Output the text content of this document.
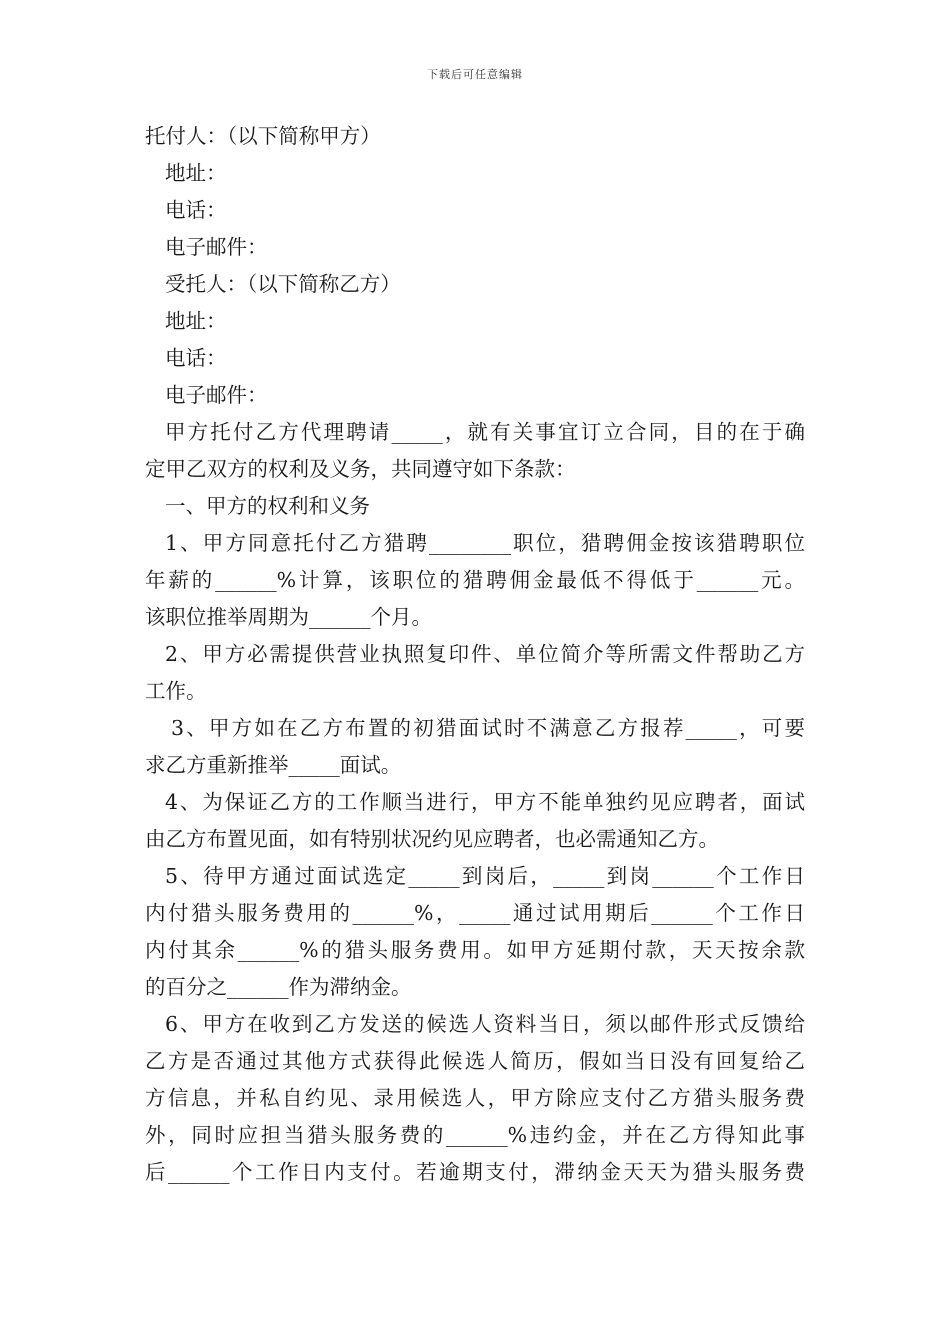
下载后可任意编辑
托付人：（以下简称甲方）
地址：
电话：
电子邮件：
受托人：（以下简称乙方）
地址：
电话：
电子邮件：
甲方托付乙方代理聘请_____，就有关事宜订立合同，目的在于确
定甲乙双方的权利及义务，共同遵守如下条款：
一、甲方的权利和义务
1、甲方同意托付乙方猎聘________职位，猎聘佣金按该猎聘职位
年薪的______%计算，该职位的猎聘佣金最低不得低于______元。
该职位推举周期为______个月。
2、甲方必需提供营业执照复印件、单位简介等所需文件帮助乙方
工作。
3、甲方如在乙方布置的初猎面试时不满意乙方报荐_____，可要
求乙方重新推举_____面试。
4、为保证乙方的工作顺当进行，甲方不能单独约见应聘者，面试
由乙方布置见面，如有特别状况约见应聘者，也必需通知乙方。
5、待甲方通过面试选定_____到岗后，_____到岗______个工作日
内付猎头服务费用的______%，_____通过试用期后______个工作日
内付其余______%的猎头服务费用。如甲方延期付款，天天按余款
的百分之______作为滞纳金。
6、甲方在收到乙方发送的候选人资料当日，须以邮件形式反馈给
乙方是否通过其他方式获得此候选人简历，假如当日没有回复给乙
方信息，并私自约见、录用候选人，甲方除应支付乙方猎头服务费
外，同时应担当猎头服务费的______%违约金，并在乙方得知此事
后______个工作日内支付。若逾期支付，滞纳金天天为猎头服务费
